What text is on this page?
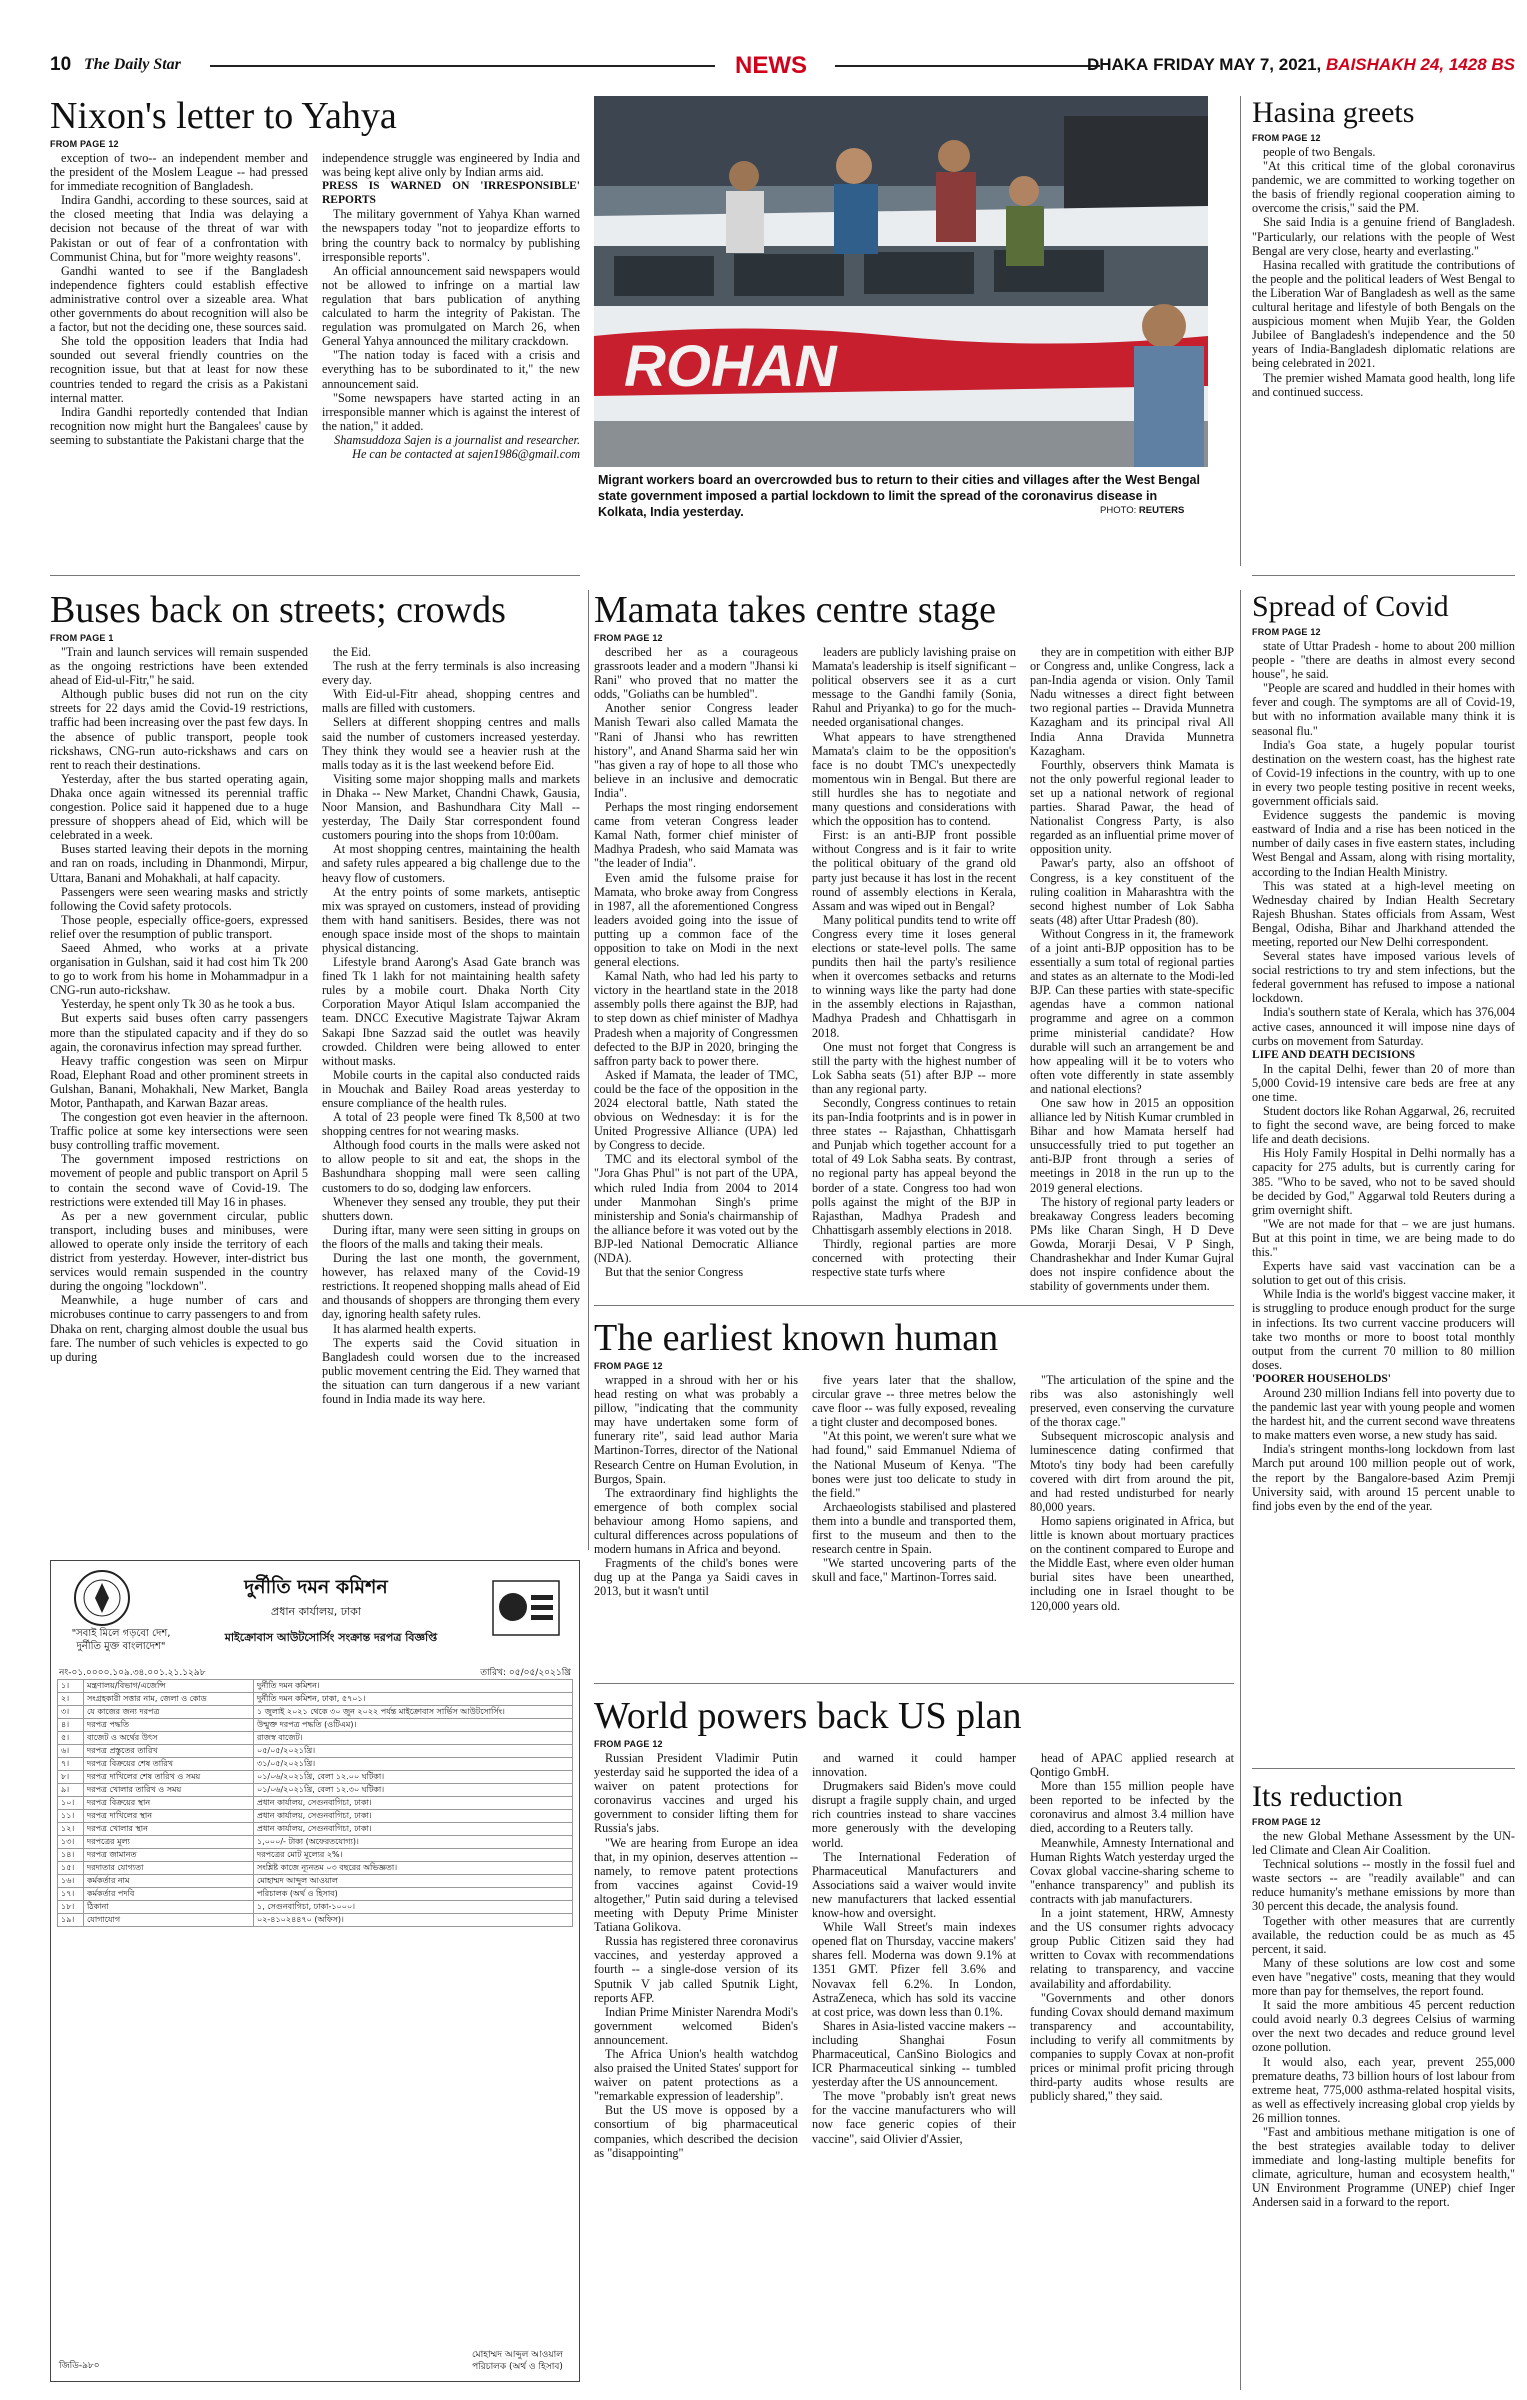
10 The Daily Star	NEWS	DHAKA FRIDAY MAY 7, 2021, BAISHAKH 24, 1428 BS
Nixon's letter to Yahya
FROM PAGE 12

exception of two-- an independent member and the president of the Moslem League -- had pressed for immediate recognition of Bangladesh.

Indira Gandhi, according to these sources, said at the closed meeting that India was delaying a decision not because of the threat of war with Pakistan or out of fear of a confrontation with Communist China, but for "more weighty reasons".

Gandhi wanted to see if the Bangladesh independence fighters could establish effective administrative control over a sizeable area. What other governments do about recognition will also be a factor, but not the deciding one, these sources said.

She told the opposition leaders that India had sounded out several friendly countries on the recognition issue, but that at least for now these countries tended to regard the crisis as a Pakistani internal matter.

Indira Gandhi reportedly contended that Indian recognition now might hurt the Bangalees' cause by seeming to substantiate the Pakistani charge that the

independence struggle was engineered by India and was being kept alive only by Indian arms aid.

PRESS IS WARNED ON 'IRRESPONSIBLE' REPORTS

The military government of Yahya Khan warned the newspapers today "not to jeopardize efforts to bring the country back to normalcy by publishing irresponsible reports".

An official announcement said newspapers would not be allowed to infringe on a martial law regulation that bars publication of anything calculated to harm the integrity of Pakistan. The regulation was promulgated on March 26, when General Yahya announced the military crackdown.

"The nation today is faced with a crisis and everything has to be subordinated to it," the new announcement said.

"Some newspapers have started acting in an irresponsible manner which is against the interest of the nation," it added.

Shamsuddoza Sajen is a journalist and researcher. He can be contacted at sajen1986@gmail.com

ROHAN
Migrant workers board an overcrowded bus to return to their cities and villages after the West Bengal state government imposed a partial lockdown to limit the spread of the coronavirus disease in Kolkata, India yesterday.	PHOTO: REUTERS
Hasina greets
FROM PAGE 12

people of two Bengals.

"At this critical time of the global coronavirus pandemic, we are committed to working together on the basis of friendly regional cooperation aiming to overcome the crisis," said the PM.

She said India is a genuine friend of Bangladesh. "Particularly, our relations with the people of West Bengal are very close, hearty and everlasting."

Hasina recalled with gratitude the contributions of the people and the political leaders of West Bengal to the Liberation War of Bangladesh as well as the same cultural heritage and lifestyle of both Bengals on the auspicious moment when Mujib Year, the Golden Jubilee of Bangladesh's independence and the 50 years of India-Bangladesh diplomatic relations are being celebrated in 2021.

The premier wished Mamata good health, long life and continued success.

Buses back on streets; crowds
FROM PAGE 1

"Train and launch services will remain suspended as the ongoing restrictions have been extended ahead of Eid-ul-Fitr," he said.

Although public buses did not run on the city streets for 22 days amid the Covid-19 restrictions, traffic had been increasing over the past few days. In the absence of public transport, people took rickshaws, CNG-run auto-rickshaws and cars on rent to reach their destinations.

Yesterday, after the bus started operating again, Dhaka once again witnessed its perennial traffic congestion. Police said it happened due to a huge pressure of shoppers ahead of Eid, which will be celebrated in a week.

Buses started leaving their depots in the morning and ran on roads, including in Dhanmondi, Mirpur, Uttara, Banani and Mohakhali, at half capacity.

Passengers were seen wearing masks and strictly following the Covid safety protocols.

Those people, especially office-goers, expressed relief over the resumption of public transport.

Saeed Ahmed, who works at a private organisation in Gulshan, said it had cost him Tk 200 to go to work from his home in Mohammadpur in a CNG-run auto-rickshaw.

Yesterday, he spent only Tk 30 as he took a bus.

But experts said buses often carry passengers more than the stipulated capacity and if they do so again, the coronavirus infection may spread further.

Heavy traffic congestion was seen on Mirpur Road, Elephant Road and other prominent streets in Gulshan, Banani, Mohakhali, New Market, Bangla Motor, Panthapath, and Karwan Bazar areas.

The congestion got even heavier in the afternoon. Traffic police at some key intersections were seen busy controlling traffic movement.

The government imposed restrictions on movement of people and public transport on April 5 to contain the second wave of Covid-19. The restrictions were extended till May 16 in phases.

As per a new government circular, public transport, including buses and minibuses, were allowed to operate only inside the territory of each district from yesterday. However, inter-district bus services would remain suspended in the country during the ongoing "lockdown".

Meanwhile, a huge number of cars and microbuses continue to carry passengers to and from Dhaka on rent, charging almost double the usual bus fare. The number of such vehicles is expected to go up during

the Eid.

The rush at the ferry terminals is also increasing every day.

With Eid-ul-Fitr ahead, shopping centres and malls are filled with customers.

Sellers at different shopping centres and malls said the number of customers increased yesterday. They think they would see a heavier rush at the malls today as it is the last weekend before Eid.

Visiting some major shopping malls and markets in Dhaka -- New Market, Chandni Chawk, Gausia, Noor Mansion, and Bashundhara City Mall -- yesterday, The Daily Star correspondent found customers pouring into the shops from 10:00am.

At most shopping centres, maintaining the health and safety rules appeared a big challenge due to the heavy flow of customers.

At the entry points of some markets, antiseptic mix was sprayed on customers, instead of providing them with hand sanitisers. Besides, there was not enough space inside most of the shops to maintain physical distancing.

Lifestyle brand Aarong's Asad Gate branch was fined Tk 1 lakh for not maintaining health safety rules by a mobile court. Dhaka North City Corporation Mayor Atiqul Islam accompanied the team. DNCC Executive Magistrate Tajwar Akram Sakapi Ibne Sazzad said the outlet was heavily crowded. Children were being allowed to enter without masks.

Mobile courts in the capital also conducted raids in Mouchak and Bailey Road areas yesterday to ensure compliance of the health rules.

A total of 23 people were fined Tk 8,500 at two shopping centres for not wearing masks.

Although food courts in the malls were asked not to allow people to sit and eat, the shops in the Bashundhara shopping mall were seen calling customers to do so, dodging law enforcers.

Whenever they sensed any trouble, they put their shutters down.

During iftar, many were seen sitting in groups on the floors of the malls and taking their meals.

During the last one month, the government, however, has relaxed many of the Covid-19 restrictions. It reopened shopping malls ahead of Eid and thousands of shoppers are thronging them every day, ignoring health safety rules.

It has alarmed health experts.

The experts said the Covid situation in Bangladesh could worsen due to the increased public movement centring the Eid. They warned that the situation can turn dangerous if a new variant found in India made its way here.

Mamata takes centre stage
FROM PAGE 12

described her as a courageous grassroots leader and a modern "Jhansi ki Rani" who proved that no matter the odds, "Goliaths can be humbled".

Another senior Congress leader Manish Tewari also called Mamata the "Rani of Jhansi who has rewritten history", and Anand Sharma said her win "has given a ray of hope to all those who believe in an inclusive and democratic India".

Perhaps the most ringing endorsement came from veteran Congress leader Kamal Nath, former chief minister of Madhya Pradesh, who said Mamata was "the leader of India".

Even amid the fulsome praise for Mamata, who broke away from Congress in 1987, all the aforementioned Congress leaders avoided going into the issue of putting up a common face of the opposition to take on Modi in the next general elections.

Kamal Nath, who had led his party to victory in the heartland state in the 2018 assembly polls there against the BJP, had to step down as chief minister of Madhya Pradesh when a majority of Congressmen defected to the BJP in 2020, bringing the saffron party back to power there.

Asked if Mamata, the leader of TMC, could be the face of the opposition in the 2024 electoral battle, Nath stated the obvious on Wednesday: it is for the United Progressive Alliance (UPA) led by Congress to decide.

TMC and its electoral symbol of the "Jora Ghas Phul" is not part of the UPA, which ruled India from 2004 to 2014 under Manmohan Singh's prime ministership and Sonia's chairmanship of the alliance before it was voted out by the BJP-led National Democratic Alliance (NDA).

But that the senior Congress

leaders are publicly lavishing praise on Mamata's leadership is itself significant – political observers see it as a curt message to the Gandhi family (Sonia, Rahul and Priyanka) to go for the much-needed organisational changes.

What appears to have strengthened Mamata's claim to be the opposition's face is no doubt TMC's unexpectedly momentous win in Bengal. But there are still hurdles she has to negotiate and many questions and considerations with which the opposition has to contend.

First: is an anti-BJP front possible without Congress and is it fair to write the political obituary of the grand old party just because it has lost in the recent round of assembly elections in Kerala, Assam and was wiped out in Bengal?

Many political pundits tend to write off Congress every time it loses general elections or state-level polls. The same pundits then hail the party's resilience when it overcomes setbacks and returns to winning ways like the party had done in the assembly elections in Rajasthan, Madhya Pradesh and Chhattisgarh in 2018.

One must not forget that Congress is still the party with the highest number of Lok Sabha seats (51) after BJP -- more than any regional party.

Secondly, Congress continues to retain its pan-India footprints and is in power in three states -- Rajasthan, Chhattisgarh and Punjab which together account for a total of 49 Lok Sabha seats. By contrast, no regional party has appeal beyond the border of a state. Congress too had won polls against the might of the BJP in Rajasthan, Madhya Pradesh and Chhattisgarh assembly elections in 2018.

Thirdly, regional parties are more concerned with protecting their respective state turfs where

they are in competition with either BJP or Congress and, unlike Congress, lack a pan-India agenda or vision. Only Tamil Nadu witnesses a direct fight between two regional parties -- Dravida Munnetra Kazagham and its principal rival All India Anna Dravida Munnetra Kazagham.

Fourthly, observers think Mamata is not the only powerful regional leader to set up a national network of regional parties. Sharad Pawar, the head of Nationalist Congress Party, is also regarded as an influential prime mover of opposition unity.

Pawar's party, also an offshoot of Congress, is a key constituent of the ruling coalition in Maharashtra with the second highest number of Lok Sabha seats (48) after Uttar Pradesh (80).

Without Congress in it, the framework of a joint anti-BJP opposition has to be essentially a sum total of regional parties and states as an alternate to the Modi-led BJP. Can these parties with state-specific agendas have a common national programme and agree on a common prime ministerial candidate? How durable will such an arrangement be and how appealing will it be to voters who often vote differently in state assembly and national elections?

One saw how in 2015 an opposition alliance led by Nitish Kumar crumbled in Bihar and how Mamata herself had unsuccessfully tried to put together an anti-BJP front through a series of meetings in 2018 in the run up to the 2019 general elections.

The history of regional party leaders or breakaway Congress leaders becoming PMs like Charan Singh, H D Deve Gowda, Morarji Desai, V P Singh, Chandrashekhar and Inder Kumar Gujral does not inspire confidence about the stability of governments under them.

Spread of Covid
FROM PAGE 12

state of Uttar Pradesh - home to about 200 million people - "there are deaths in almost every second house", he said.

"People are scared and huddled in their homes with fever and cough. The symptoms are all of Covid-19, but with no information available many think it is seasonal flu."

India's Goa state, a hugely popular tourist destination on the western coast, has the highest rate of Covid-19 infections in the country, with up to one in every two people testing positive in recent weeks, government officials said.

Evidence suggests the pandemic is moving eastward of India and a rise has been noticed in the number of daily cases in five eastern states, including West Bengal and Assam, along with rising mortality, according to the Indian Health Ministry.

This was stated at a high-level meeting on Wednesday chaired by Indian Health Secretary Rajesh Bhushan. States officials from Assam, West Bengal, Odisha, Bihar and Jharkhand attended the meeting, reported our New Delhi correspondent.

Several states have imposed various levels of social restrictions to try and stem infections, but the federal government has refused to impose a national lockdown.

India's southern state of Kerala, which has 376,004 active cases, announced it will impose nine days of curbs on movement from Saturday.

LIFE AND DEATH DECISIONS

In the capital Delhi, fewer than 20 of more than 5,000 Covid-19 intensive care beds are free at any one time.

Student doctors like Rohan Aggarwal, 26, recruited to fight the second wave, are being forced to make life and death decisions.

His Holy Family Hospital in Delhi normally has a capacity for 275 adults, but is currently caring for 385. "Who to be saved, who not to be saved should be decided by God," Aggarwal told Reuters during a grim overnight shift.

"We are not made for that – we are just humans. But at this point in time, we are being made to do this."

Experts have said vast vaccination can be a solution to get out of this crisis.

While India is the world's biggest vaccine maker, it is struggling to produce enough product for the surge in infections. Its two current vaccine producers will take two months or more to boost total monthly output from the current 70 million to 80 million doses.

'POORER HOUSEHOLDS'

Around 230 million Indians fell into poverty due to the pandemic last year with young people and women the hardest hit, and the current second wave threatens to make matters even worse, a new study has said.

India's stringent months-long lockdown from last March put around 100 million people out of work, the report by the Bangalore-based Azim Premji University said, with around 15 percent unable to find jobs even by the end of the year.

The earliest known human
FROM PAGE 12

wrapped in a shroud with her or his head resting on what was probably a pillow, "indicating that the community may have undertaken some form of funerary rite", said lead author Maria Martinon-Torres, director of the National Research Centre on Human Evolution, in Burgos, Spain.

The extraordinary find highlights the emergence of both complex social behaviour among Homo sapiens, and cultural differences across populations of modern humans in Africa and beyond.

Fragments of the child's bones were dug up at the Panga ya Saidi caves in 2013, but it wasn't until

five years later that the shallow, circular grave -- three metres below the cave floor -- was fully exposed, revealing a tight cluster and decomposed bones.

"At this point, we weren't sure what we had found," said Emmanuel Ndiema of the National Museum of Kenya. "The bones were just too delicate to study in the field."

Archaeologists stabilised and plastered them into a bundle and transported them, first to the museum and then to the research centre in Spain.

"We started uncovering parts of the skull and face," Martinon-Torres said.

"The articulation of the spine and the ribs was also astonishingly well preserved, even conserving the curvature of the thorax cage."

Subsequent microscopic analysis and luminescence dating confirmed that Mtoto's tiny body had been carefully covered with dirt from around the pit, and had rested undisturbed for nearly 80,000 years.

Homo sapiens originated in Africa, but little is known about mortuary practices on the continent compared to Europe and the Middle East, where even older human burial sites have been unearthed, including one in Israel thought to be 120,000 years old.

World powers back US plan
FROM PAGE 12

Russian President Vladimir Putin yesterday said he supported the idea of a waiver on patent protections for coronavirus vaccines and urged his government to consider lifting them for Russia's jabs.

"We are hearing from Europe an idea that, in my opinion, deserves attention -- namely, to remove patent protections from vaccines against Covid-19 altogether," Putin said during a televised meeting with Deputy Prime Minister Tatiana Golikova.

Russia has registered three coronavirus vaccines, and yesterday approved a fourth -- a single-dose version of its Sputnik V jab called Sputnik Light, reports AFP.

Indian Prime Minister Narendra Modi's government welcomed Biden's announcement.

The Africa Union's health watchdog also praised the United States' support for waiver on patent protections as a "remarkable expression of leadership".

But the US move is opposed by a consortium of big pharmaceutical companies, which described the decision as "disappointing"

and warned it could hamper innovation.

Drugmakers said Biden's move could disrupt a fragile supply chain, and urged rich countries instead to share vaccines more generously with the developing world.

The International Federation of Pharmaceutical Manufacturers and Associations said a waiver would invite new manufacturers that lacked essential know-how and oversight.

While Wall Street's main indexes opened flat on Thursday, vaccine makers' shares fell. Moderna was down 9.1% at 1351 GMT. Pfizer fell 3.6% and Novavax fell 6.2%. In London, AstraZeneca, which has sold its vaccine at cost price, was down less than 0.1%.

Shares in Asia-listed vaccine makers -- including Shanghai Fosun Pharmaceutical, CanSino Biologics and ICR Pharmaceutical sinking -- tumbled yesterday after the US announcement.

The move "probably isn't great news for the vaccine manufacturers who will now face generic copies of their vaccine", said Olivier d'Assier,

head of APAC applied research at Qontigo GmbH.

More than 155 million people have been reported to be infected by the coronavirus and almost 3.4 million have died, according to a Reuters tally.

Meanwhile, Amnesty International and Human Rights Watch yesterday urged the Covax global vaccine-sharing scheme to "enhance transparency" and publish its contracts with jab manufacturers.

In a joint statement, HRW, Amnesty and the US consumer rights advocacy group Public Citizen said they had written to Covax with recommendations relating to transparency, and vaccine availability and affordability.

"Governments and other donors funding Covax should demand maximum transparency and accountability, including to verify all commitments by companies to supply Covax at non-profit prices or minimal profit pricing through third-party audits whose results are publicly shared," they said.

Its reduction
FROM PAGE 12

the new Global Methane Assessment by the UN-led Climate and Clean Air Coalition.

Technical solutions -- mostly in the fossil fuel and waste sectors -- are "readily available" and can reduce humanity's methane emissions by more than 30 percent this decade, the analysis found.

Together with other measures that are currently available, the reduction could be as much as 45 percent, it said.

Many of these solutions are low cost and some even have "negative" costs, meaning that they would more than pay for themselves, the report found.

It said the more ambitious 45 percent reduction could avoid nearly 0.3 degrees Celsius of warming over the next two decades and reduce ground level ozone pollution.

It would also, each year, prevent 255,000 premature deaths, 73 billion hours of lost labour from extreme heat, 775,000 asthma-related hospital visits, as well as effectively increasing global crop yields by 26 million tonnes.

"Fast and ambitious methane mitigation is one of the best strategies available today to deliver immediate and long-lasting multiple benefits for climate, agriculture, human and ecosystem health," UN Environment Programme (UNEP) chief Inger Andersen said in a forward to the report.

"সবাই মিলে গড়বো দেশ, দুর্নীতি মুক্ত বাংলাদেশ"
দুর্নীতি দমন কমিশন
প্রধান কার্যালয়, ঢাকা
মাইক্রোবাস আউটসোর্সিং সংক্রান্ত দরপত্র বিজ্ঞপ্তি
নং-০১.০০০০.১০৯.৩৪.০০১.২১.১২৯৮	তারিখ: ০৫/০৫/২০২১খ্রি
১।	মন্ত্রণালয়/বিভাগ/এজেন্সি	দুর্নীতি দমন কমিশন।
২।	সংগ্রহকারী সত্তার নাম, জেলা ও কোড	দুর্নীতি দমন কমিশন, ঢাকা, ৫৭০১।
৩।	যে কাজের জন্য দরপত্র	১ জুলাই ২০২১ থেকে ৩০ জুন ২০২২ পর্যন্ত মাইক্রোবাস সার্ভিস আউটসোর্সিং।
৪।	দরপত্র পদ্ধতি	উন্মুক্ত দরপত্র পদ্ধতি (ওটিএম)।
৫।	বাজেট ও অর্থের উৎস	রাজস্ব বাজেট।
৬।	দরপত্র প্রস্তুতের তারিখ	০৫/০৫/২০২১খ্রি।
৭।	দরপত্র বিক্রয়ের শেষ তারিখ	৩১/০৫/২০২১খ্রি।
৮।	দরপত্র দাখিলের শেষ তারিখ ও সময়	০১/০৬/২০২১খ্রি, বেলা ১২.০০ ঘটিকা।
৯।	দরপত্র খোলার তারিখ ও সময়	০১/০৬/২০২১খ্রি, বেলা ১২.৩০ ঘটিকা।
১০।	দরপত্র বিক্রয়ের স্থান	প্রধান কার্যালয়, সেগুনবাগিচা, ঢাকা।
১১।	দরপত্র দাখিলের স্থান	প্রধান কার্যালয়, সেগুনবাগিচা, ঢাকা।
১২।	দরপত্র খোলার স্থান	প্রধান কার্যালয়, সেগুনবাগিচা, ঢাকা।
১৩।	দরপত্রের মূল্য	১,০০০/- টাকা (অফেরতযোগ্য)।
১৪।	দরপত্র জামানত	দরপত্রের মোট মূল্যের ২%।
১৫।	দরদাতার যোগ্যতা	সংশ্লিষ্ট কাজে ন্যূনতম ০৩ বছরের অভিজ্ঞতা।
১৬।	কর্মকর্তার নাম	মোহাম্মদ আব্দুল আওয়াল
১৭।	কর্মকর্তার পদবি	পরিচালক (অর্থ ও হিসাব)
১৮।	ঠিকানা	১, সেগুনবাগিচা, ঢাকা-১০০০।
১৯।	যোগাযোগ	০২-৪১০২৪৪৭০ (অফিস)।
মোহাম্মদ আব্দুল আওয়াল
পরিচালক (অর্থ ও হিসাব)
জিডি-৯৮০
